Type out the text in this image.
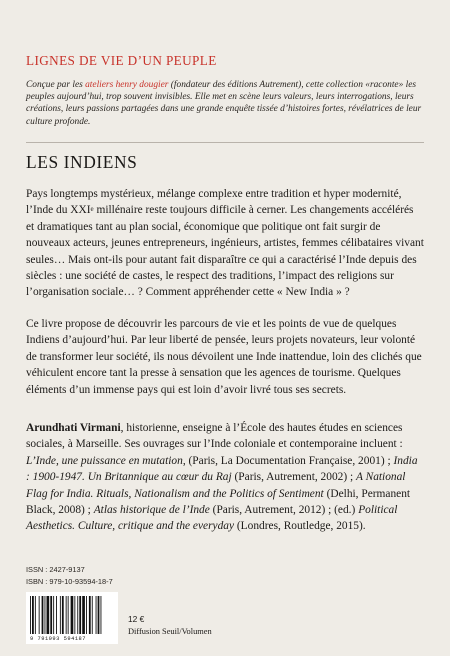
LIGNES DE VIE D’UN PEUPLE
Conçue par les ateliers henry dougier (fondateur des éditions Autrement), cette collection «raconte» les peuples aujourd’hui, trop souvent invisibles. Elle met en scène leurs valeurs, leurs interrogations, leurs créations, leurs passions partagées dans une grande enquête tissée d’histoires fortes, révélatrices de leur culture profonde.
LES INDIENS

Pays longtemps mystérieux, mélange complexe entre tradition et hyper modernité, l’Inde du XXIe millénaire reste toujours difficile à cerner. Les changements accélérés et dramatiques tant au plan social, économique que politique ont fait surgir de nouveaux acteurs, jeunes entrepreneurs, ingénieurs, artistes, femmes célibataires vivant seules… Mais ont-ils pour autant fait disparaître ce qui a caractérisé l’Inde depuis des siècles : une société de castes, le respect des traditions, l’impact des religions sur l’organisation sociale… ? Comment appréhender cette « New India » ?

Ce livre propose de découvrir les parcours de vie et les points de vue de quelques Indiens d’aujourd’hui. Par leur liberté de pensée, leurs projets novateurs, leur volonté de transformer leur société, ils nous dévoilent une Inde inattendue, loin des clichés que véhiculent encore tant la presse à sensation que les agences de tourisme. Quelques éléments d’un immense pays qui est loin d’avoir livré tous ses secrets.

Arundhati Virmani, historienne, enseigne à l’École des hautes études en sciences sociales, à Marseille. Ses ouvrages sur l’Inde coloniale et contemporaine incluent : L’Inde, une puissance en mutation, (Paris, La Documentation Française, 2001) ; India : 1900-1947. Un Britannique au cœur du Raj (Paris, Autrement, 2002) ; A National Flag for India. Rituals, Nationalism and the Politics of Sentiment (Delhi, Permanent Black, 2008) ; Atlas historique de l’Inde (Paris, Autrement, 2012) ; (ed.) Political Aesthetics. Culture, critique and the everyday (Londres, Routledge, 2015).

ISSN : 2427-9137
ISBN : 979-10-93594-18-7
9 791093 594187
12 €
Diffusion Seuil/Volumen
